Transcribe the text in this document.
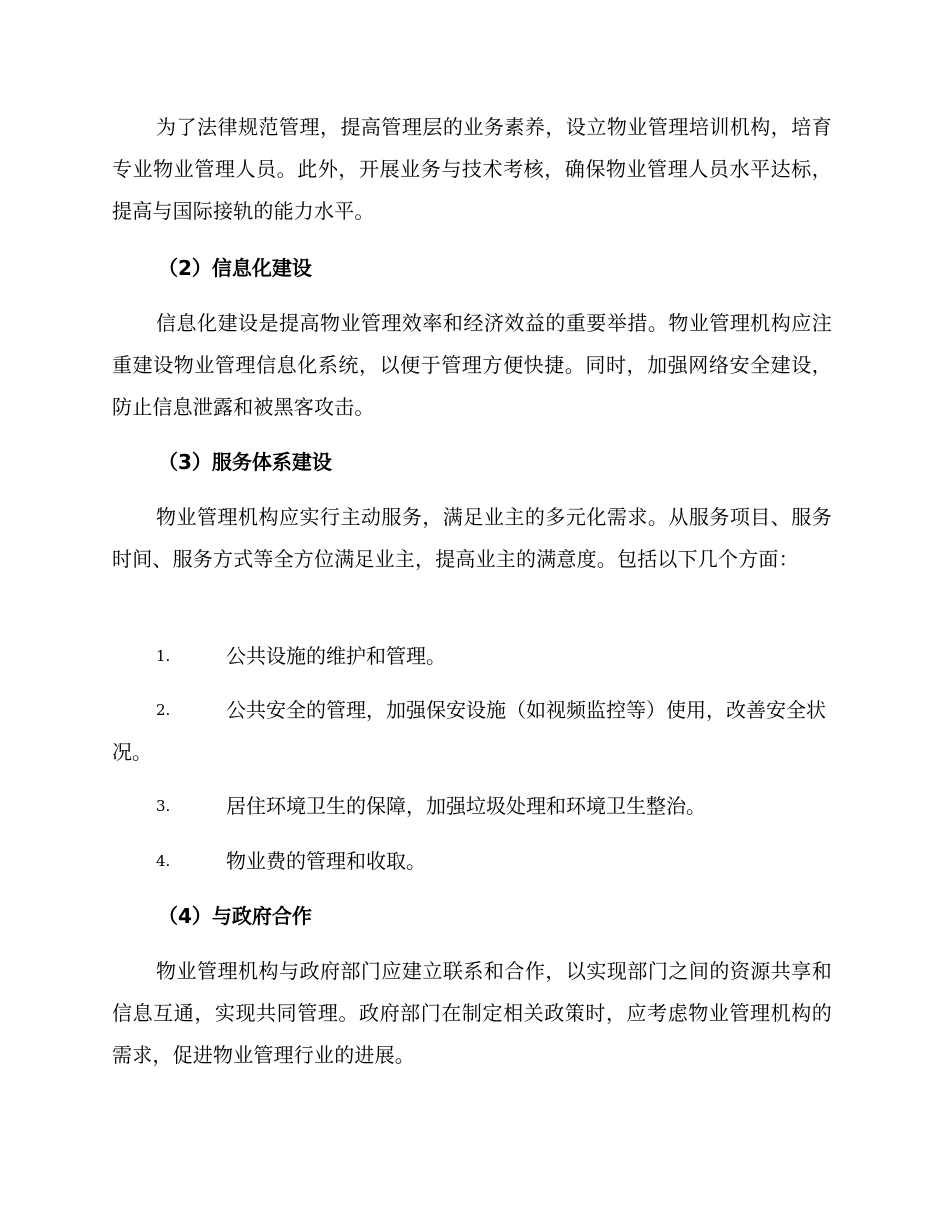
为了法律规范管理，提高管理层的业务素养，设立物业管理培训机构，培育专业物业管理人员。此外，开展业务与技术考核，确保物业管理人员水平达标，提高与国际接轨的能力水平。

（2）信息化建设

信息化建设是提高物业管理效率和经济效益的重要举措。物业管理机构应注重建设物业管理信息化系统，以便于管理方便快捷。同时，加强网络安全建设，防止信息泄露和被黑客攻击。

（3）服务体系建设

物业管理机构应实行主动服务，满足业主的多元化需求。从服务项目、服务时间、服务方式等全方位满足业主，提高业主的满意度。包括以下几个方面：

1.	公共设施的维护和管理。
2.	公共安全的管理，加强保安设施（如视频监控等）使用，改善安全状况。
3.	居住环境卫生的保障，加强垃圾处理和环境卫生整治。
4.	物业费的管理和收取。

（4）与政府合作

物业管理机构与政府部门应建立联系和合作，以实现部门之间的资源共享和信息互通，实现共同管理。政府部门在制定相关政策时，应考虑物业管理机构的需求，促进物业管理行业的进展。
